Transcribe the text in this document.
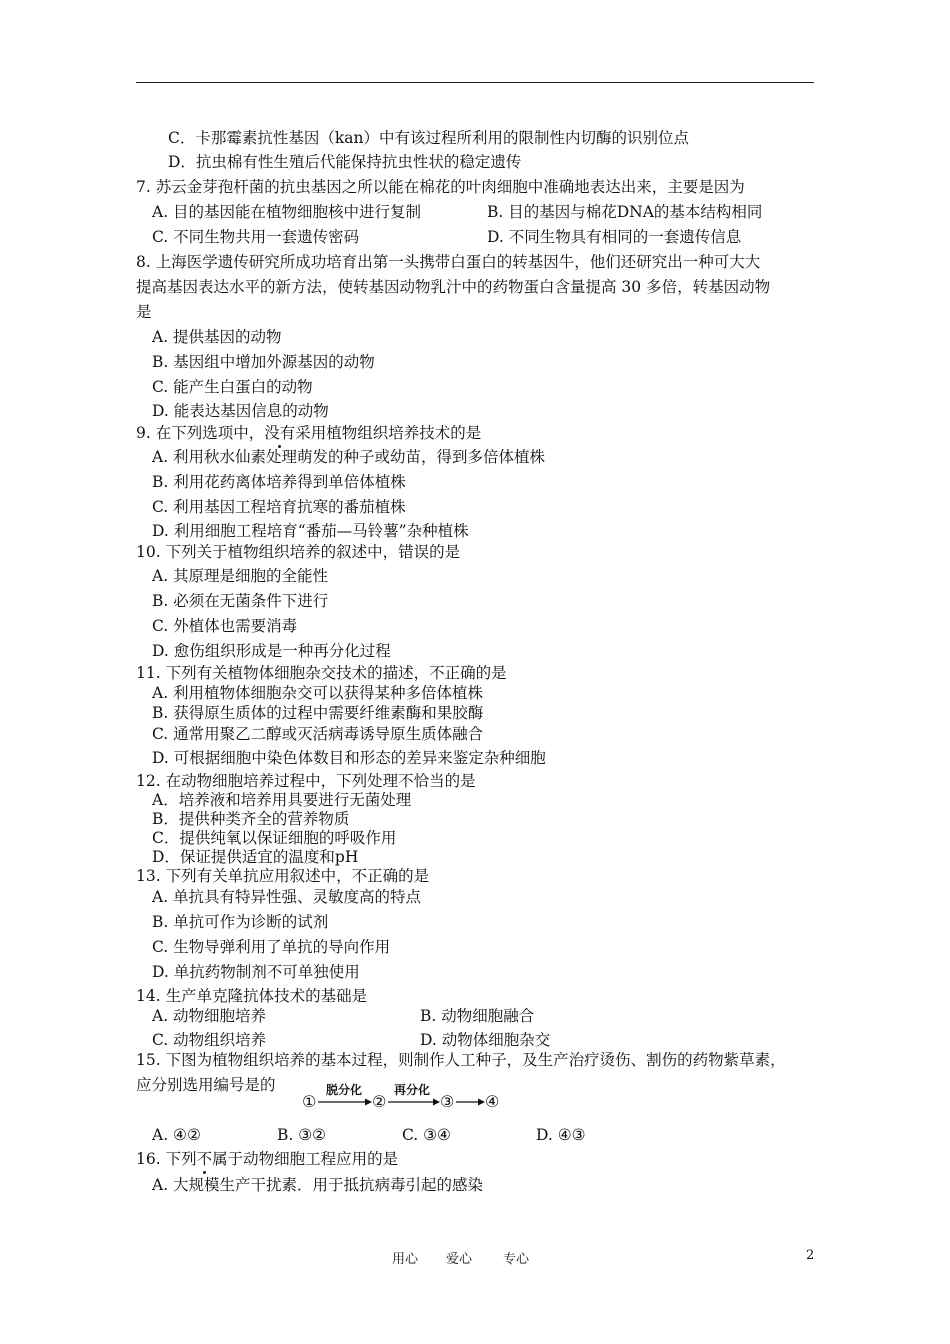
C．卡那霉素抗性基因（kan）中有该过程所利用的限制性内切酶的识别位点
D．抗虫棉有性生殖后代能保持抗虫性状的稳定遗传
7. 苏云金芽孢杆菌的抗虫基因之所以能在棉花的叶肉细胞中准确地表达出来，主要是因为
A. 目的基因能在植物细胞核中进行复制	B. 目的基因与棉花DNA的基本结构相同
C. 不同生物共用一套遗传密码	D. 不同生物具有相同的一套遗传信息
8. 上海医学遗传研究所成功培育出第一头携带白蛋白的转基因牛，他们还研究出一种可大大
提高基因表达水平的新方法，使转基因动物乳汁中的药物蛋白含量提高 30 多倍，转基因动物
是
A. 提供基因的动物
B. 基因组中增加外源基因的动物
C. 能产生白蛋白的动物
D. 能表达基因信息的动物
9. 在下列选项中，没有
采用植物组织培养技术的是
A. 利用秋水仙素处理萌发的种子或幼苗，得到多倍体植株
B. 利用花药离体培养得到单倍体植株
C. 利用基因工程培育抗寒的番茄植株
D. 利用细胞工程培育“番茄—马铃薯”杂种植株
10. 下列关于植物组织培养的叙述中，错误的是
A. 其原理是细胞的全能性
B. 必须在无菌条件下进行
C. 外植体也需要消毒
D. 愈伤组织形成是一种再分化过程
11. 下列有关植物体细胞杂交技术的描述，不正确的是
A. 利用植物体细胞杂交可以获得某种多倍体植株
B. 获得原生质体的过程中需要纤维素酶和果胶酶
C. 通常用聚乙二醇或灭活病毒诱导原生质体融合
D. 可根据细胞中染色体数目和形态的差异来鉴定杂种细胞
12. 在动物细胞培养过程中，下列处理不恰当的是
A．培养液和培养用具要进行无菌处理
B．提供种类齐全的营养物质
C．提供纯氧以保证细胞的呼吸作用
D．保证提供适宜的温度和pH
13. 下列有关单抗应用叙述中，不正确的是
A. 单抗具有特异性强、灵敏度高的特点
B. 单抗可作为诊断的试剂
C. 生物导弹利用了单抗的导向作用
D. 单抗药物制剂不可单独使用
14. 生产单克隆抗体技术的基础是
A. 动物细胞培养	B. 动物细胞融合
C. 动物组织培养	D. 动物体细胞杂交
15. 下图为植物组织培养的基本过程，则制作人工种子，及生产治疗烫伤、割伤的药物紫草素，
应分别选用编号是的
①
脱分化
②
再分化
③ ④
A. ④②	B. ③②	C. ③④	D. ④③
16. 下列不
属于动物细胞工程应用的是
A. 大规模生产干扰素．用于抵抗病毒引起的感染
用心 爱心 专心	2
